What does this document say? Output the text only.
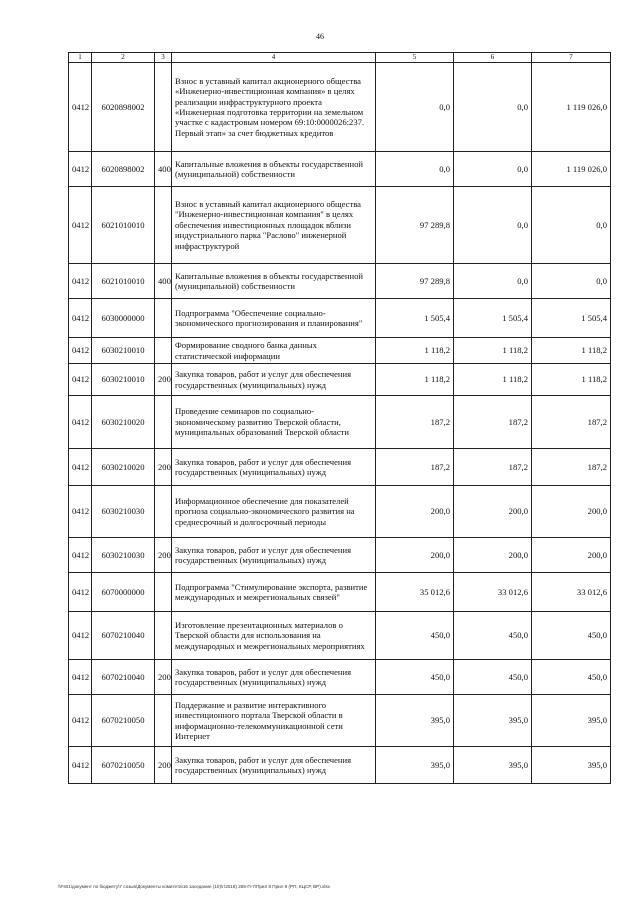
46
1	2	3	4	5	6	7
0412	6020898002		Взнос в уставный капитал акционерного общества «Инженерно-инвестиционная компания» в целях реализации инфраструктурного проекта «Инженерная подготовка территории на земельном участке с кадастровым номером 69:10:0000026:237. Первый этап» за счет бюджетных кредитов	0,0	0,0	1 119 026,0
0412	6020898002	400	Капитальные вложения в объекты государственной (муниципальной) собственности	0,0	0,0	1 119 026,0
0412	6021010010		Взнос в уставный капитал акционерного общества "Инженерно-инвестиционная компания" в целях обеспечения инвестиционных площадок вблизи индустриального парка "Раслово" инженерной инфраструктурой	97 289,8	0,0	0,0
0412	6021010010	400	Капитальные вложения в объекты государственной (муниципальной) собственности	97 289,8	0,0	0,0
0412	6030000000		Подпрограмма "Обеспечение социально-экономического прогнозирования и планирования"	1 505,4	1 505,4	1 505,4
0412	6030210010		Формирование сводного банка данных статистической информации	1 118,2	1 118,2	1 118,2
0412	6030210010	200	Закупка товаров, работ и услуг для обеспечения государственных (муниципальных) нужд	1 118,2	1 118,2	1 118,2
0412	6030210020		Проведение семинаров по социально-экономическому развитию Тверской области, муниципальных образований Тверской области	187,2	187,2	187,2
0412	6030210020	200	Закупка товаров, работ и услуг для обеспечения государственных (муниципальных) нужд	187,2	187,2	187,2
0412	6030210030		Информационное обеспечение для показателей прогноза социально-экономического развития на среднесрочный и долгосрочный периоды	200,0	200,0	200,0
0412	6030210030	200	Закупка товаров, работ и услуг для обеспечения государственных (муниципальных) нужд	200,0	200,0	200,0
0412	6070000000		Подпрограмма "Стимулирование экспорта, развитие международных и межрегиональных связей"	35 012,6	33 012,6	33 012,6
0412	6070210040		Изготовление презентационных материалов о Тверской области для использования на международных и межрегиональных мероприятиях	450,0	450,0	450,0
0412	6070210040	200	Закупка товаров, работ и услуг для обеспечения государственных (муниципальных) нужд	450,0	450,0	450,0
0412	6070210050		Поддержание и развитие интерактивного инвестиционного портала Тверской области в информационно-телекоммуникационной сети Интернет	395,0	395,0	395,0
0412	6070210050	200	Закупка товаров, работ и услуг для обеспечения государственных (муниципальных) нужд	395,0	395,0	395,0
\\Fs01\документ по бюджету\7 созыв\Документы комитета\16 заседание (10)\г\2018) 265-П-7\Прил 8 Прил 9 (РП, КЦСР, ВР).xlsx
